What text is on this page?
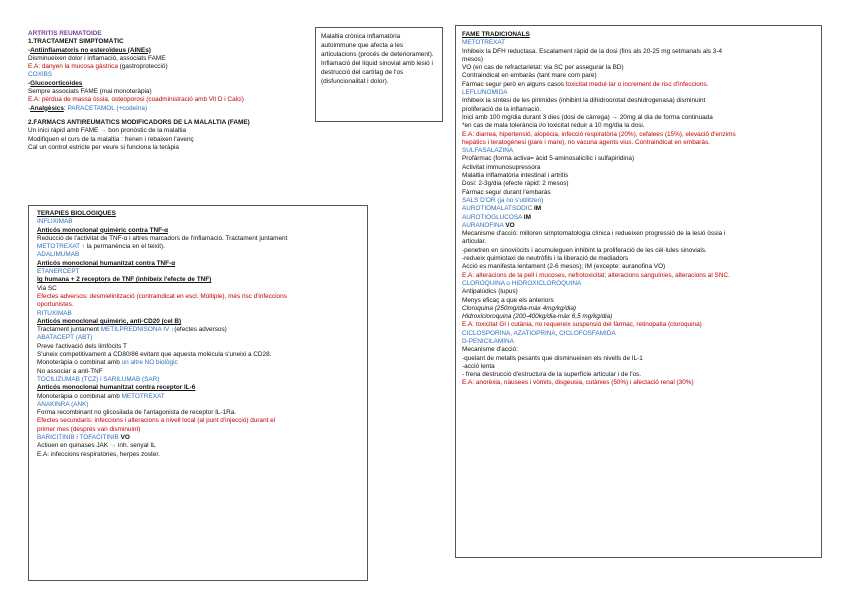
ARTRITIS REUMATOIDE
1.TRACTAMENT SIMPTOMÀTIC
-Antiinflamatoris no esteroïdeus (AINEs)
Disminueixen dolor i inflamació, associats FAME
E.A: danyen la mucosa gàstrica (gastroprotecció)
COXIBS
-Glucocorticoides
Sempre associats FAME (mai monoteràpia)
E.A: pèrdua de massa òssia, osteoporosi (coadministració amb Vit D i Calci)
-Analgèsics: PARACETAMOL (+codeïna)
2.FÀRMACS ANTIREUMÀTICS MODIFICADORS DE LA MALALTIA (FAME)
Un inici ràpid amb FAME → bon pronòstic de la malaltia
Modifiquen el curs de la malaltia : frenen i rebaixen l'avenç
Cal un control estricte per veure si funciona la teràpia
Malaltia crònica inflamatòria autoimmune que afecta a les articulacions (procés de deteriorament). Inflamació del líquid sinovial amb lesió i destrucció del cartílag de l'os (disfuncionalitat i dolor).
TERÀPIES BIOLÒGIQUES
INFLIXIMAB
Anticós monoclonal quimèric contra TNF-α
Reducció de l'activitat de TNF-α i altres marcadors de l'inflamació. Tractament juntament
METOTREXAT ↑ la permanència en el teixit).
ADALIMUMAB
Anticós monoclonal humanitzat contra TNF-α
ETANERCEPT
Ig humana + 2 receptors de TNF (inhibeix l'efecte de TNF)
Via SC
Efectes adversos: desmielinització (contraindicat en escl. Múltiple), més risc d'infeccions
oportunistes.
RITUXIMAB
Anticós monoclonal quimèric, anti-CD20 (cel B)
Tractament juntament METILPREDNISONA IV ↓(efectes adversos)
ABATACEPT (ABT)
Preve l'activació dels limfòcits T
S'uneix competitivament a CD80/86 evitant que aquesta molècula s'uneixi a CD28.
Monoteràpia o combinat amb un altre NO biològic
No associar a anti-TNF
TOCILIZUMAB (TCZ) i SARILUMAB (SAR)
Anticós monoclonal humanitzat contra receptor IL-6
Monoteràpia o combinat amb METOTREXAT
ANAKINRA (ANK)
Forma recombinant no glicosilada de l'antagonista de receptor IL-1Ra.
Efectes secundaris: infeccions i alteracions a nivell local (al punt d'injecció) durant el
primer mes (després van disminuint)
BARICITINIB i TOFACITINIB VO
Actiuen en quinases JAK → inh. senyal IL
E.A: infeccions respiratòries, herpes zoster.
FAME TRADICIONALS
METOTREXAT
Inhibeix la DFH reductasa. Escalament ràpid de la dosi (fins als 20-25 mg setmanals als 3-4
mesos)
VO (en cas de refractarietat: via SC per assegurar la BD)
Contraindicat en embaràs (tant mare com pare)
Fàrmac segur però en alguns casos toxicitat medul·lar o increment de risc d'infeccions.
LEFLUNOMIDA
Inhibeix la síntesi de les pirimides (inhibint la dihidroorotat deshidrogenasa) disminuint
proliferació de la inflamació.
Inici amb 100 mg/dia durant 3 dies (dosi de càrrega) → 20mg al dia de forma continuada
*en cas de mala tolerància i/o toxicitat reduir a 10 mg/dia la dosi.
E.A: diarrea, hipertensió, alopècia, infecció respiratòria (20%), cefalees (15%), elevació d'enzims
hepàtics i teratogènesi (pare i mare), no vacuna agents vius. Contraindicat en embaràs.
SULFASALAZINA
Profàrmac (forma activa= àcid 5-aminosalicílic i sulfapiridina)
Activitat immunosupressora
Malaltia inflamatòria intestinal i artritis
Dosi: 2-3g/dia (efecte ràpid: 2 mesos)
Fàrmac segur durant l'embaràs
SALS D'OR (ja no s'utilitzen)
AUROTIOMALATSÒDIC IM
AUROTIOGLUCOSA IM
AURANOFINA VO
Mecanisme d'acció: milloren simptomatologia clínica i redueixen progressió de la lesió òssia i
articular.
-penetren en sinoviòcits i acumuleguen inhibint la proliferació de les cèl·lules sinovials.
-redueix quimiotaxi de neutròfils i la liberació de mediadors
Acció es manifesta lentament (2-6 mesos); IM (excepte: auranofina VO)
E.A: alteracions de la pell i mucoses, nefrotoxicitat; alteracions sanguínies, alteracions al SNC.
CLOROQUINA o HIDROXICLOROQUINA
Antipalúdics (lupus)
Menys eficaç a que els anteriors
Cloroquina (250mg/dia-màx 4mg/kg/dia)
Hidroxicloroquina (200-400kg/dia-màx 6,5 mg/kg/dia)
E.A: toxicitat GI i cutània, no requereix suspensió del fàrmac, retinopatia (cloroquina)
CICLOSPORINA, AZATIOPRINA, CICLOFOSFAMIDA
D-PENICILAMINA
Mecanisme d'acció:
-quelant de metalls pesants que disminueixen els nivells de IL-1
-acció lenta
- frena destrucció d'estructura de la superfície articular i de l'os.
E.A: anorèxia, nàusees i vòmits, disgeusia, cutànies (50%) i afectació renal (30%)
